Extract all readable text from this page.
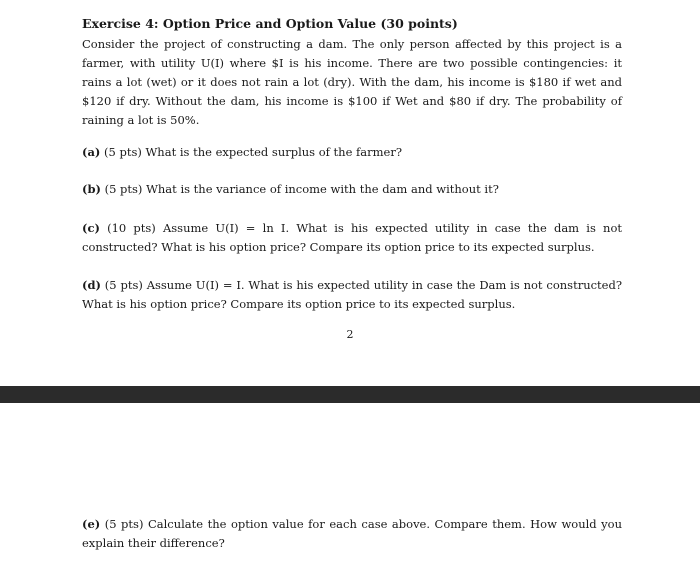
Exercise 4: Option Price and Option Value (30 points)

Consider the project of constructing a dam. The only person affected by this project is a farmer, with utility U(I) where $I is his income. There are two possible contingencies: it rains a lot (wet) or it does not rain a lot (dry). With the dam, his income is $180 if wet and $120 if dry. Without the dam, his income is $100 if Wet and $80 if dry. The probability of raining a lot is 50%.

(a) (5 pts) What is the expected surplus of the farmer?

(b) (5 pts) What is the variance of income with the dam and without it?

(c) (10 pts) Assume U(I) = ln I. What is his expected utility in case the dam is not constructed? What is his option price? Compare its option price to its expected surplus.

(d) (5 pts) Assume U(I) = I. What is his expected utility in case the Dam is not constructed? What is his option price? Compare its option price to its expected surplus.

2

(e) (5 pts) Calculate the option value for each case above. Compare them. How would you explain their difference?
